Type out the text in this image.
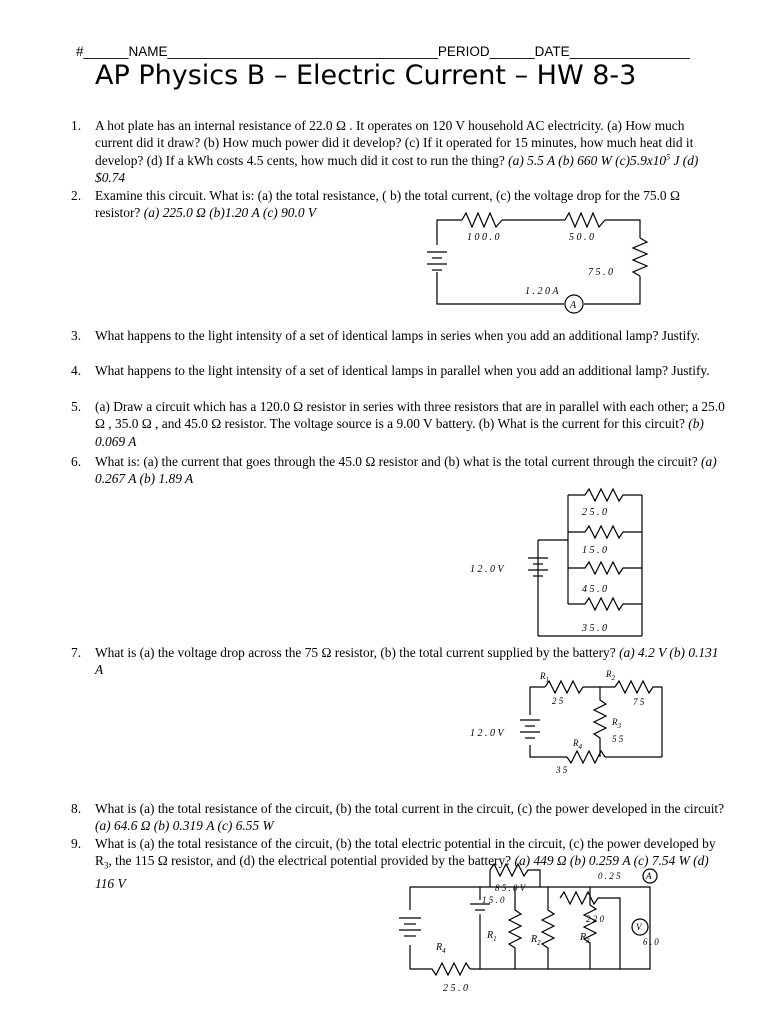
#______NAME____________________________________PERIOD______DATE________________
AP Physics B – Electric Current – HW 8-3
1. A hot plate has an internal resistance of 22.0 Ω . It operates on 120 V household AC electricity. (a) How much current did it draw? (b) How much power did it develop? (c) If it operated for 15 minutes, how much heat did it develop? (d) If a kWh costs 4.5 cents, how much did it cost to run the thing? (a) 5.5 A (b) 660 W $(c)5.9x10^5$ J (d) $0.74
2. Examine this circuit. What is: (a) the total resistance, ( b) the total current, (c) the voltage drop for the 75.0 Ω resistor? (a) 225.0 Ω (b)1.20 A (c) 90.0 V
3. What happens to the light intensity of a set of identical lamps in series when you add an additional lamp? Justify.
4. What happens to the light intensity of a set of identical lamps in parallel when you add an additional lamp? Justify.
5. (a) Draw a circuit which has a 120.0 Ω resistor in series with three resistors that are in parallel with each other; a 25.0 Ω , 35.0 Ω , and 45.0 Ω resistor. The voltage source is a 9.00 V battery. (b) What is the current for this circuit? (b) 0.069 A
6. What is: (a) the current that goes through the 45.0 Ω resistor and (b) what is the total current through the circuit? (a) 0.267 A (b) 1.89 A
7. What is (a) the voltage drop across the 75 Ω resistor, (b) the total current supplied by the battery? (a) 4.2 V (b) 0.131 A
8. What is (a) the total resistance of the circuit, (b) the total current in the circuit, (c) the power developed in the circuit? (a) 64.6 Ω (b) 0.319 A (c) 6.55 W
9. What is (a) the total resistance of the circuit, (b) the total electric potential in the circuit, (c) the power developed by $R_3$, the 115 Ω resistor, and (d) the electrical potential provided by the battery? (a) 449 Ω (b) 0.259 A (c) 7.54 W (d) 116 V
1 0 0 . 0	5 0 . 0
7 5 . 0
1 . 2 0 A
A
2 5 . 0
1 5 . 0
4 5 . 0
3 5 . 0
1 2 . 0 V
$R_1$
2 5
$R_2$
7 5
$R_3$
5 5
$R_4$
3 5
1 2 . 0 V
$R_1$	$R_2$	$R_3$
$R_4$
2 5 . 0
0 . 2 5	A
V
6 . 0
8 5 . 0 V
1 5 . 0
2 2 0
